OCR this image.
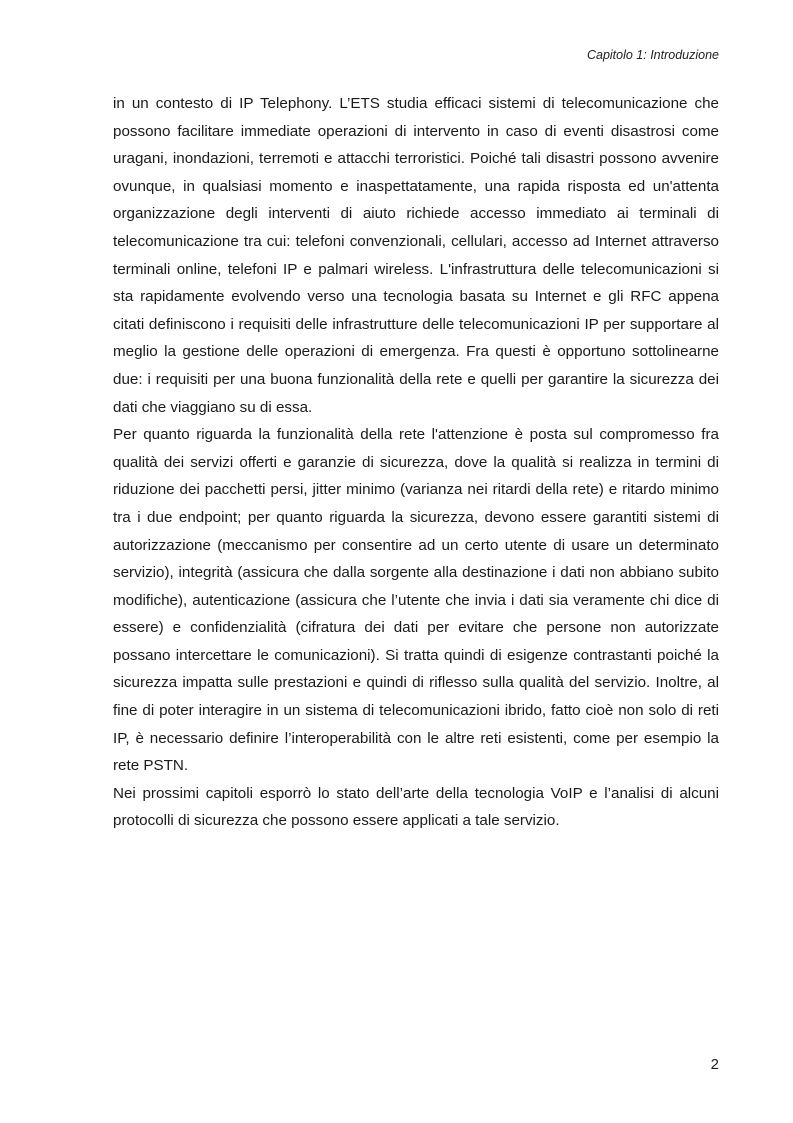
Capitolo 1: Introduzione

in un contesto di IP Telephony. L’ETS studia efficaci sistemi di telecomunicazione che possono facilitare immediate operazioni di intervento in caso di eventi disastrosi come uragani, inondazioni, terremoti e attacchi terroristici. Poiché tali disastri possono avvenire ovunque, in qualsiasi momento e inaspettatamente, una rapida risposta ed un'attenta organizzazione degli interventi di aiuto richiede accesso immediato ai terminali di telecomunicazione tra cui: telefoni convenzionali, cellulari, accesso ad Internet attraverso terminali online, telefoni IP e palmari wireless. L'infrastruttura delle telecomunicazioni si sta rapidamente evolvendo verso una tecnologia basata su Internet e gli RFC appena citati definiscono i requisiti delle infrastrutture delle telecomunicazioni IP per supportare al meglio la gestione delle operazioni di emergenza. Fra questi è opportuno sottolinearne due: i requisiti per una buona funzionalità della rete e quelli per garantire la sicurezza dei dati che viaggiano su di essa.

Per quanto riguarda la funzionalità della rete l'attenzione è posta sul compromesso fra qualità dei servizi offerti e garanzie di sicurezza, dove la qualità si realizza in termini di riduzione dei pacchetti persi, jitter minimo (varianza nei ritardi della rete) e ritardo minimo tra i due endpoint; per quanto riguarda la sicurezza, devono essere garantiti sistemi di autorizzazione (meccanismo per consentire ad un certo utente di usare un determinato servizio), integrità (assicura che dalla sorgente alla destinazione i dati non abbiano subito modifiche), autenticazione (assicura che l’utente che invia i dati sia veramente chi dice di essere) e confidenzialità (cifratura dei dati per evitare che persone non autorizzate possano intercettare le comunicazioni). Si tratta quindi di esigenze contrastanti poiché la sicurezza impatta sulle prestazioni e quindi di riflesso sulla qualità del servizio. Inoltre, al fine di poter interagire in un sistema di telecomunicazioni ibrido, fatto cioè non solo di reti IP, è necessario definire l’interoperabilità con le altre reti esistenti, come per esempio la rete PSTN.

Nei prossimi capitoli esporrò lo stato dell’arte della tecnologia VoIP e l’analisi di alcuni protocolli di sicurezza che possono essere applicati a tale servizio.

2
